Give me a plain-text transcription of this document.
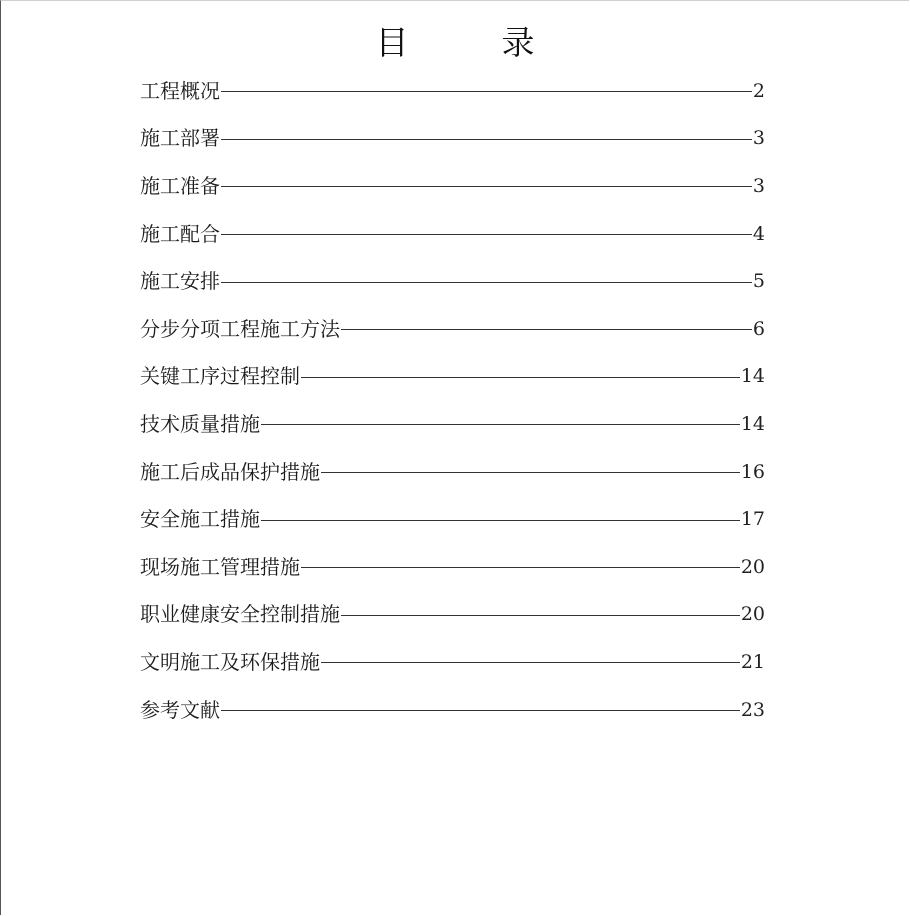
目　录
工程概况	2
施工部署	3
施工准备	3
施工配合	4
施工安排	5
分步分项工程施工方法	6
关键工序过程控制	14
技术质量措施	14
施工后成品保护措施	16
安全施工措施	17
现场施工管理措施	20
职业健康安全控制措施	20
文明施工及环保措施	21
参考文献	23
